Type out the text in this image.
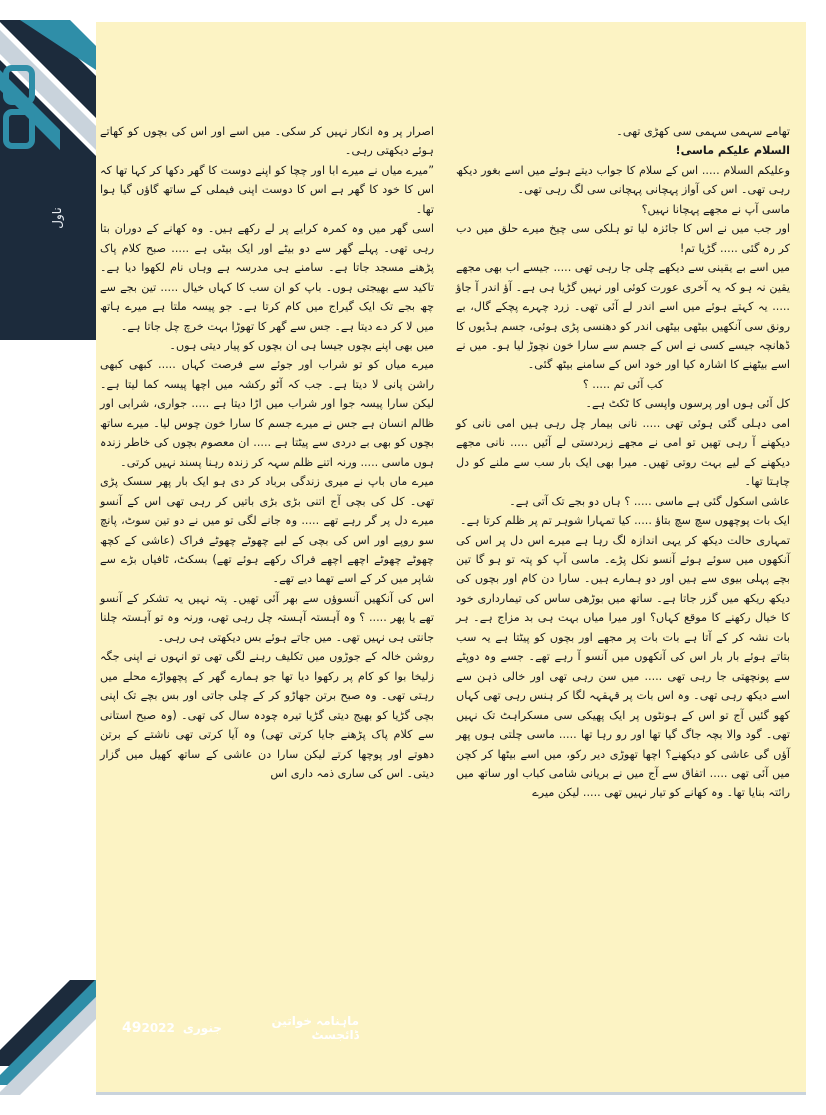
ناول

تھامے سہمی سہمی سی کھڑی تھی۔

السلام علیکم ماسی!

وعلیکم السلام ..... اس کے سلام کا جواب دیتے ہوئے میں اسے بغور دیکھ رہی تھی۔ اس کی آواز پہچانی پہچانی سی لگ رہی تھی۔

ماسی آپ نے مجھے پہچانا نہیں؟

اور جب میں نے اس کا جائزہ لیا تو ہلکی سی چیخ میرے حلق میں دب کر رہ گئی ..... گڑیا تم!

میں اسے بے یقینی سے دیکھے چلی جا رہی تھی ..... جیسے اب بھی مجھے یقین نہ ہو کہ یہ آخری عورت کوئی اور نہیں گڑیا ہی ہے۔ آؤ اندر آ جاؤ ..... یہ کہتے ہوئے میں اسے اندر لے آئی تھی۔ زرد چہرے پچکے گال، بے رونق سی آنکھیں بیٹھی بیٹھی اندر کو دھنسی پڑی ہوئی، جسم ہڈیوں کا ڈھانچہ جیسے کسی نے اس کے جسم سے سارا خون نچوڑ لیا ہو۔ میں نے اسے بیٹھنے کا اشارہ کیا اور خود اس کے سامنے بیٹھ گئی۔

کب آئی تم ..... ؟

کل آئی ہوں اور پرسوں واپسی کا ٹکٹ ہے۔

امی دہلی گئی ہوئی تھی ..... نانی بیمار چل رہی ہیں امی نانی کو دیکھنے آ رہی تھیں تو امی نے مجھے زبردستی لے آئیں ..... نانی مجھے دیکھنے کے لیے بہت روتی تھیں۔ میرا بھی ایک بار سب سے ملنے کو دل چاہتا تھا۔

عاشی اسکول گئی ہے ماسی ..... ؟ ہاں دو بجے تک آتی ہے۔

ایک بات پوچھوں سچ سچ بتاؤ ..... کیا تمہارا شوہر تم پر ظلم کرتا ہے۔

تمہاری حالت دیکھ کر یہی اندازہ لگ رہا ہے میرے اس دل پر اس کی آنکھوں میں سوئے ہوئے آنسو نکل پڑے۔ ماسی آپ کو پتہ تو ہو گا تین بچے پہلی بیوی سے ہیں اور دو ہمارے ہیں۔ سارا دن کام اور بچوں کی دیکھ ریکھ میں گزر جاتا ہے۔ ساتھ میں بوڑھی ساس کی تیمارداری خود کا خیال رکھنے کا موقع کہاں؟ اور میرا میاں بہت ہی بد مزاج ہے۔ ہر بات نشہ کر کے آتا ہے بات بات پر مجھے اور بچوں کو پیٹتا ہے یہ سب بتاتے ہوئے بار بار اس کی آنکھوں میں آنسو آ رہے تھے۔ جسے وہ دوپٹے سے پونچھتی جا رہی تھی ..... میں سن رہی تھی اور خالی ذہن سے اسے دیکھ رہی تھی۔ وہ اس بات پر قہقہہ لگا کر ہنس رہی تھی کہاں کھو گئیں آج تو اس کے ہونٹوں پر ایک پھیکی سی مسکراہٹ تک نہیں تھی۔ گود والا بچہ جاگ گیا تھا اور رو رہا تھا ..... ماسی چلتی ہوں پھر آؤں گی عاشی کو دیکھنے؟ اچھا تھوڑی دیر رکو، میں اسے بیٹھا کر کچن میں آئی تھی ..... اتفاق سے آج میں نے بریانی شامی کباب اور ساتھ میں رائتہ بنایا تھا۔ وہ کھانے کو تیار نہیں تھی ..... لیکن میرے

اصرار پر وہ انکار نہیں کر سکی۔ میں اسے اور اس کی بچوں کو کھاتے ہوئے دیکھتی رہی۔

”میرے میاں نے میرے ابا اور چچا کو اپنے دوست کا گھر دکھا کر کہا تھا کہ اس کا خود کا گھر ہے اس کا دوست اپنی فیملی کے ساتھ گاؤں گیا ہوا تھا۔

اسی گھر میں وہ کمرہ کرایے پر لے رکھے ہیں۔ وہ کھانے کے دوران بتا رہی تھی۔ پہلے گھر سے دو بیٹے اور ایک بیٹی ہے ..... صبح کلام پاک پڑھنے مسجد جاتا ہے۔ سامنے ہی مدرسہ ہے وہاں نام لکھوا دیا ہے۔ تاکید سے بھیجتی ہوں۔ باپ کو ان سب کا کہاں خیال ..... تین بجے سے چھ بجے تک ایک گیراج میں کام کرتا ہے۔ جو پیسہ ملتا ہے میرے ہاتھ میں لا کر دے دیتا ہے۔ جس سے گھر کا تھوڑا بہت خرچ چل جاتا ہے۔

میں بھی اپنے بچوں جیسا ہی ان بچوں کو پیار دیتی ہوں۔

میرے میاں کو تو شراب اور جوئے سے فرصت کہاں ..... کبھی کبھی راشن پانی لا دیتا ہے۔ جب کہ آٹو رکشہ میں اچھا پیسہ کما لیتا ہے۔ لیکن سارا پیسہ جوا اور شراب میں اڑا دیتا ہے ..... جواری، شرابی اور ظالم انسان ہے جس نے میرے جسم کا سارا خون چوس لیا۔ میرے ساتھ بچوں کو بھی بے دردی سے پیٹتا ہے ..... ان معصوم بچوں کی خاطر زندہ ہوں ماسی ..... ورنہ اتنے ظلم سہہ کر زندہ رہنا پسند نہیں کرتی۔

میرے ماں باپ نے میری زندگی برباد کر دی ہو ایک بار پھر سسک پڑی تھی۔ کل کی بچی آج اتنی بڑی بڑی باتیں کر رہی تھی اس کے آنسو میرے دل پر گر رہے تھے ..... وہ جانے لگی تو میں نے دو تین سوٹ، پانچ سو روپے اور اس کی بچی کے لیے چھوٹے چھوٹے فراک (عاشی کے کچھ چھوٹے چھوٹے اچھے اچھے فراک رکھے ہوئے تھے) بسکٹ، ٹافیاں بڑے سے شاپر میں کر کے اسے تھما دیے تھے۔

اس کی آنکھیں آنسوؤں سے بھر آئی تھیں۔ پتہ نہیں یہ تشکر کے آنسو تھے یا پھر ..... ؟ وہ آہستہ آہستہ چل رہی تھی، ورنہ وہ تو آہستہ چلنا جانتی ہی نہیں تھی۔ میں جاتے ہوئے بس دیکھتی ہی رہی۔

روشن خالہ کے جوڑوں میں تکلیف رہنے لگی تھی تو انہوں نے اپنی جگہ زلیخا بوا کو کام پر رکھوا دیا تھا جو ہمارے گھر کے پچھواڑے محلے میں رہتی تھی۔ وہ صبح برتن جھاڑو کر کے چلی جاتی اور بس بچے تک اپنی بچی گڑیا کو بھیج دیتی گڑیا تیرہ چودہ سال کی تھی۔ (وہ صبح استانی سے کلام پاک پڑھنے جایا کرتی تھی) وہ آیا کرتی تھی ناشتے کے برتن دھوتے اور پوچھا کرتے لیکن سارا دن عاشی کے ساتھ کھیل میں گزار دیتی۔ اس کی ساری ذمہ داری اس

49	ماہنامہ خواتین ڈائجسٹ
جنوری
2022
